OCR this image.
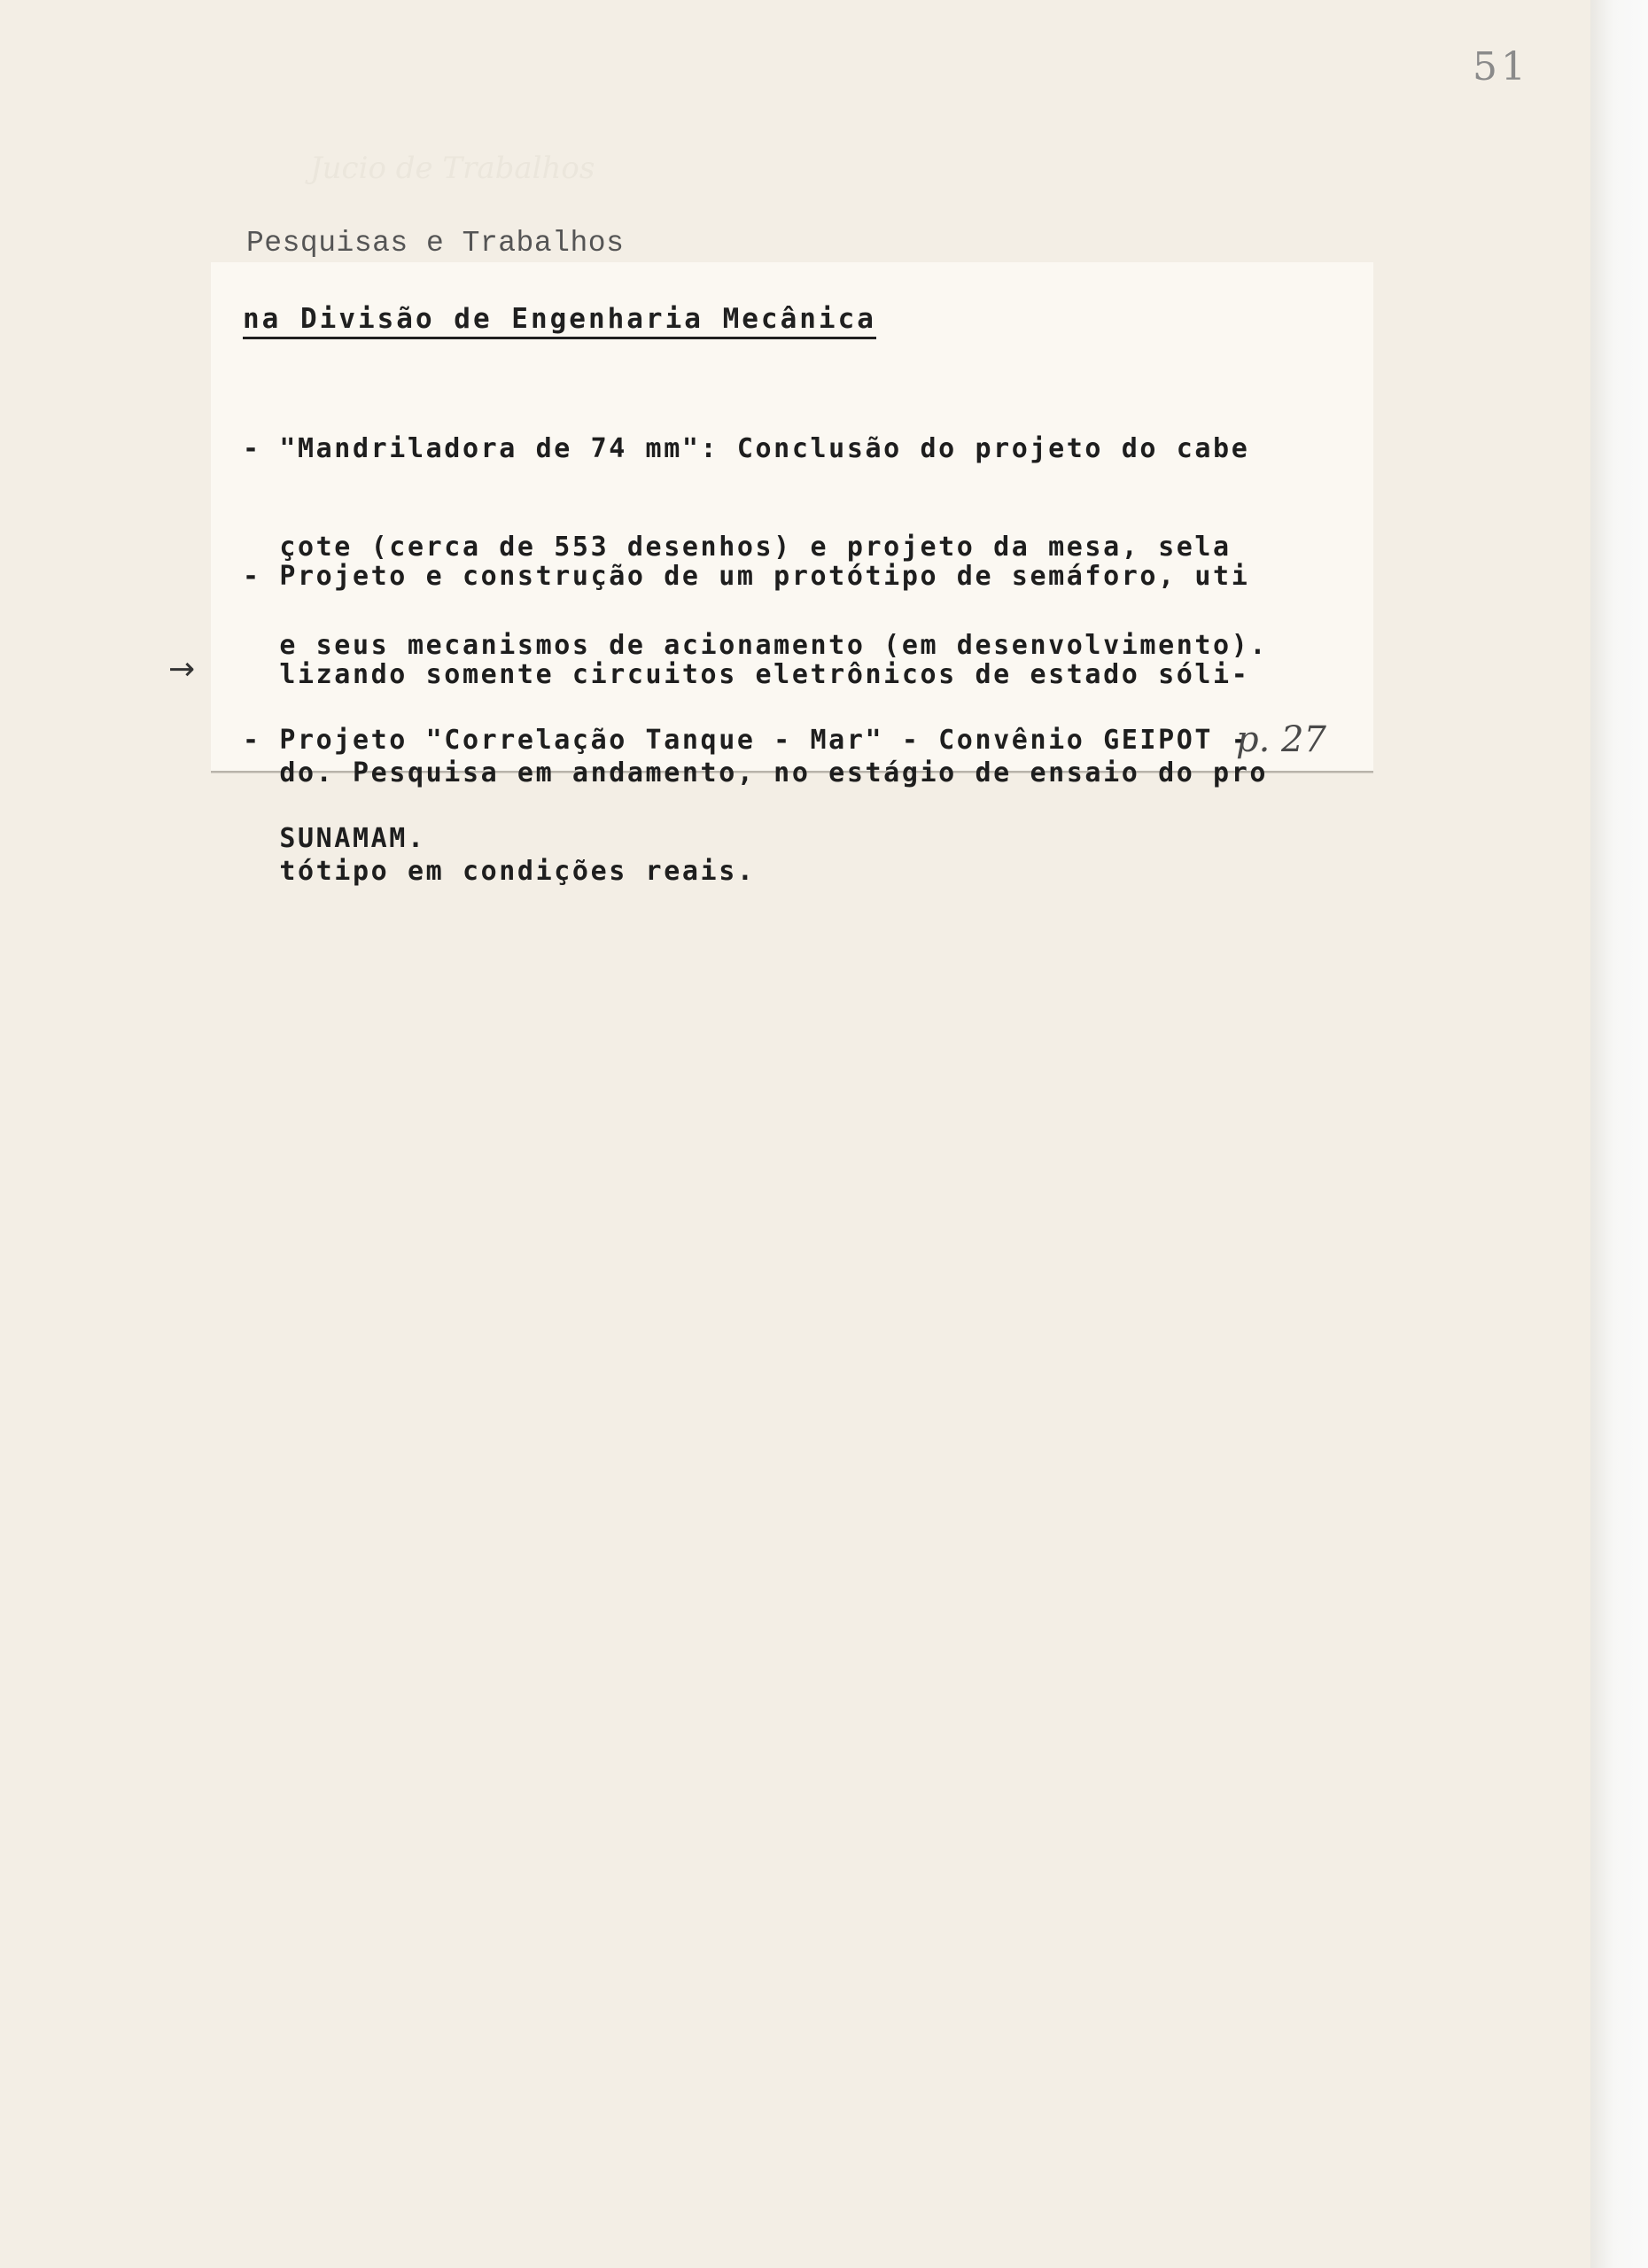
51
Jucio de Trabalhos
Pesquisas e Trabalhos
na Divisão de Engenharia Mecânica

- "Mandriladora de 74 mm": Conclusão do projeto do cabe

çote (cerca de 553 desenhos) e projeto da mesa, sela

e seus mecanismos de acionamento (em desenvolvimento).

- Projeto e construção de um protótipo de semáforo, uti

lizando somente circuitos eletrônicos de estado sóli-

do. Pesquisa em andamento, no estágio de ensaio do pro

tótipo em condições reais.

- Projeto "Correlação Tanque - Mar" - Convênio GEIPOT -

SUNAMAM.

→
p. 27
